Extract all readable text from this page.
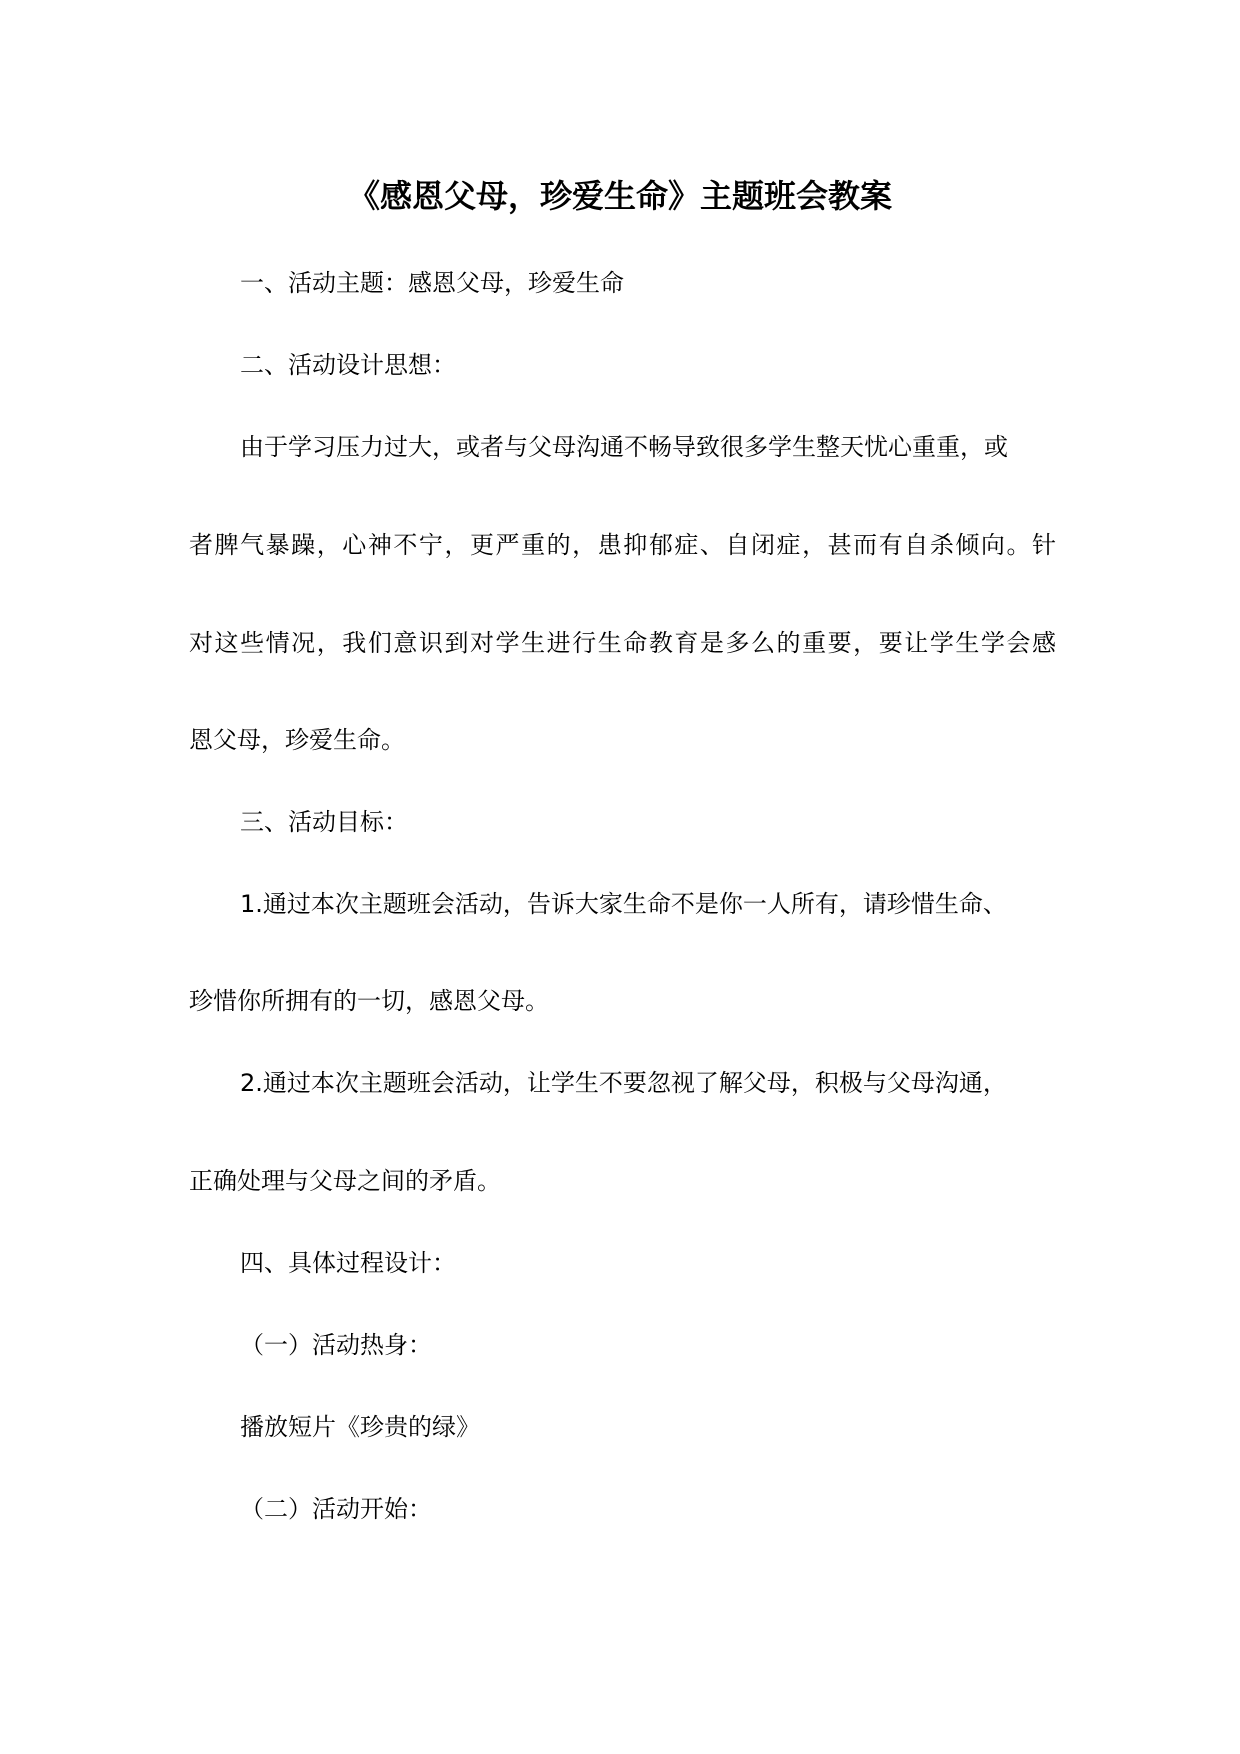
《感恩父母，珍爱生命》主题班会教案

一、活动主题：感恩父母，珍爱生命

二、活动设计思想：

由于学习压力过大，或者与父母沟通不畅导致很多学生整天忧心重重，或

者脾气暴躁，心神不宁，更严重的，患抑郁症、自闭症，甚而有自杀倾向。针

对这些情况，我们意识到对学生进行生命教育是多么的重要，要让学生学会感

恩父母，珍爱生命。

三、活动目标：

1.通过本次主题班会活动，告诉大家生命不是你一人所有，请珍惜生命、

珍惜你所拥有的一切，感恩父母。

2.通过本次主题班会活动，让学生不要忽视了解父母，积极与父母沟通，

正确处理与父母之间的矛盾。

四、具体过程设计：

（一）活动热身：

播放短片《珍贵的绿》

（二）活动开始：
